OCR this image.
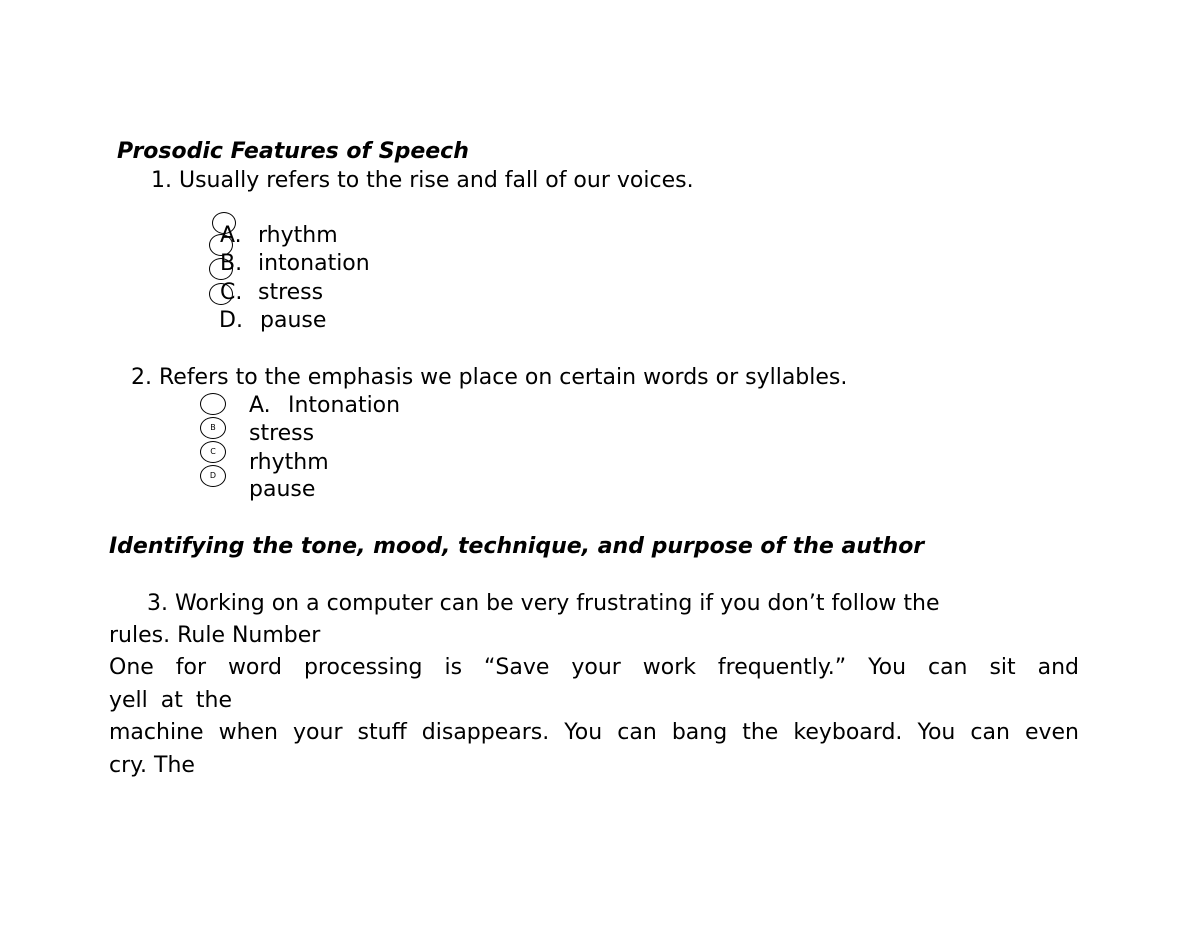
Prosodic Features of Speech

1. Usually refers to the rise and fall of our voices.

A. rhythm

B. intonation

C. stress

D. pause

2. Refers to the emphasis we place on certain words or syllables.

B
C
D

A. Intonation

stress

rhythm

pause

Identifying the tone, mood, technique, and purpose of the author

3. Working on a computer can be very frustrating if you don’t follow the

rules. Rule Number

One for word processing is “Save your work frequently.” You can sit and

yell at the

machine when your stuff disappears. You can bang the keyboard. You can even

cry. The
